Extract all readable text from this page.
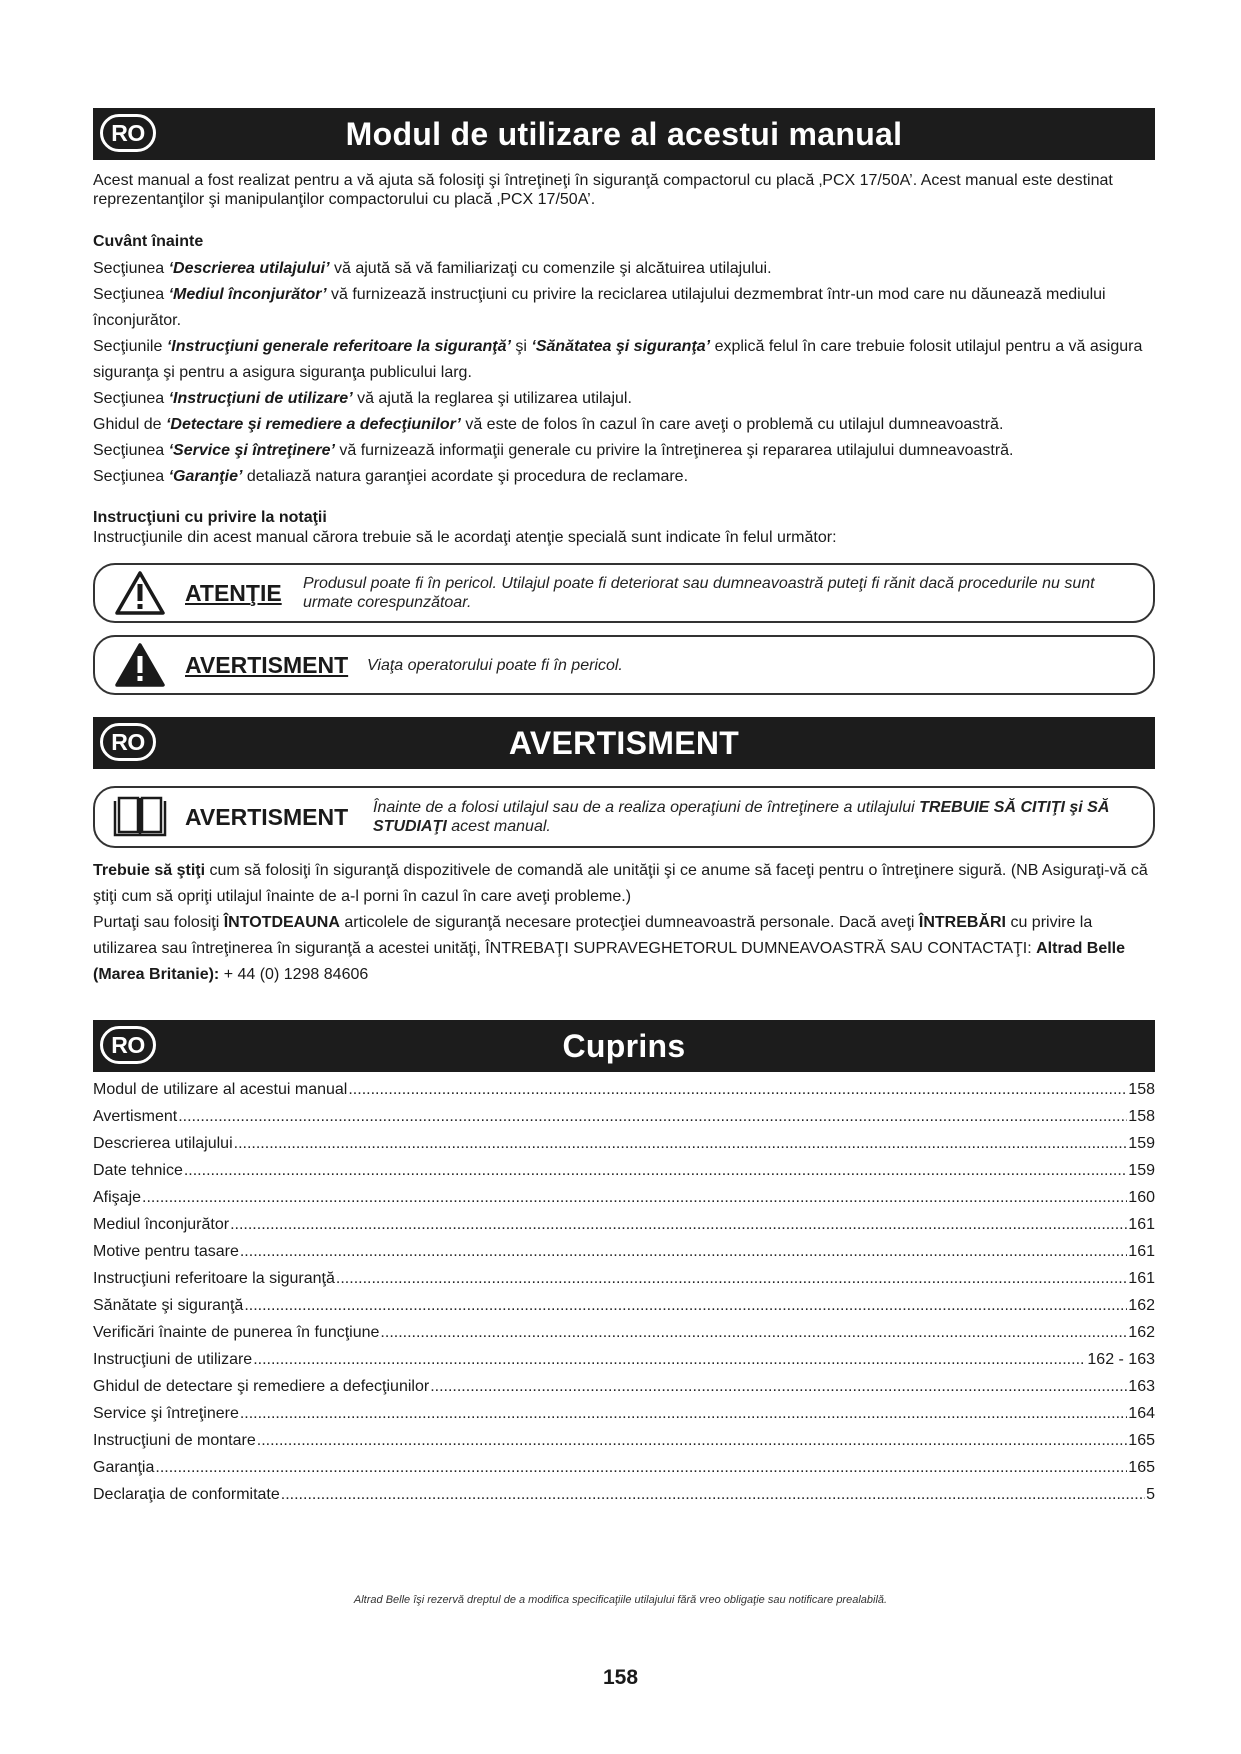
RO	Modul de utilizare al acestui manual

Acest manual a fost realizat pentru a vă ajuta să folosiţi şi întreţineţi în siguranţă compactorul cu placă ‚PCX 17/50A’. Acest manual este destinat reprezentanţilor şi manipulanţilor compactorului cu placă ‚PCX 17/50A’.

Cuvânt înainte

Secţiunea ‘Descrierea utilajului’ vă ajută să vă familiarizaţi cu comenzile şi alcătuirea utilajului.

Secţiunea ‘Mediul înconjurător’ vă furnizează instrucţiuni cu privire la reciclarea utilajului dezmembrat într-un mod care nu dăunează mediului înconjurător.

Secţiunile ‘Instrucţiuni generale referitoare la siguranţă’ şi ‘Sănătatea şi siguranţa’ explică felul în care trebuie folosit utilajul pentru a vă asigura siguranţa şi pentru a asigura siguranţa publicului larg.

Secţiunea ‘Instrucţiuni de utilizare’ vă ajută la reglarea şi utilizarea utilajul.

Ghidul de ‘Detectare şi remediere a defecţiunilor’ vă este de folos în cazul în care aveţi o problemă cu utilajul dumneavoastră.

Secţiunea ‘Service şi întreţinere’ vă furnizează informaţii generale cu privire la întreţinerea şi repararea utilajului dumneavoastră.

Secţiunea ‘Garanţie’ detaliază natura garanţiei acordate şi procedura de reclamare.

Instrucţiuni cu privire la notaţii

Instrucţiunile din acest manual cărora trebuie să le acordaţi atenţie specială sunt indicate în felul următor:

ATENŢIE	Produsul poate fi în pericol. Utilajul poate fi deteriorat sau dumneavoastră puteţi fi rănit dacă procedurile nu sunt urmate corespunzătoar.
AVERTISMENT	Viaţa operatorului poate fi în pericol.
RO	AVERTISMENT
AVERTISMENT	Înainte de a folosi utilajul sau de a realiza operaţiuni de întreţinere a utilajului TREBUIE SĂ CITIŢI şi SĂ STUDIAŢI acest manual.

Trebuie să ştiţi cum să folosiţi în siguranţă dispozitivele de comandă ale unităţii şi ce anume să faceţi pentru o întreţinere sigură. (NB Asiguraţi-vă că ştiţi cum să opriţi utilajul înainte de a-l porni în cazul în care aveţi probleme.)

Purtaţi sau folosiţi ÎNTOTDEAUNA articolele de siguranţă necesare protecţiei dumneavoastră personale. Dacă aveţi ÎNTREBĂRI cu privire la utilizarea sau întreţinerea în siguranţă a acestei unităţi, ÎNTREBAŢI SUPRAVEGHETORUL DUMNEAVOASTRĂ SAU CONTACTAŢI: Altrad Belle (Marea Britanie): + 44 (0) 1298 84606

RO	Cuprins
Modul de utilizare al acestui manual .....	158
Avertisment .....	158
Descrierea utilajului .....	159
Date tehnice .....	159
Afişaje .....	160
Mediul înconjurător .....	161
Motive pentru tasare .....	161
Instrucţiuni referitoare la siguranţă .....	161
Sănătate şi siguranţă .....	162
Verificări înainte de punerea în funcţiune .....	162
Instrucţiuni de utilizare .....	162 - 163
Ghidul de detectare şi remediere a defecţiunilor .....	163
Service şi întreţinere .....	164
Instrucţiuni de montare .....	165
Garanţia .....	165
Declaraţia de conformitate .....	5

Altrad Belle îşi rezervă dreptul de a modifica specificaţiile utilajului fără vreo obligaţie sau notificare prealabilă.

158
